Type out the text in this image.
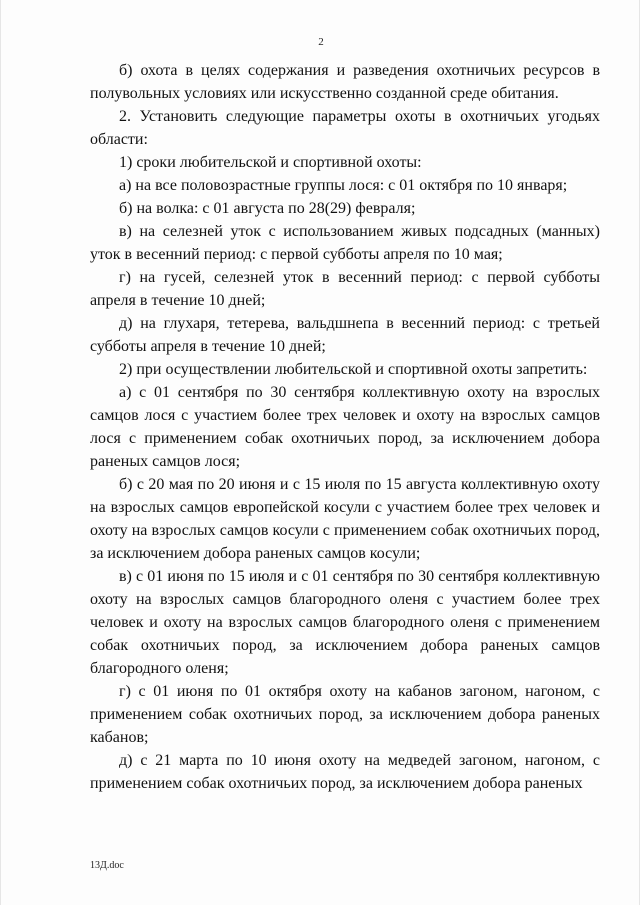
2

б) охота в целях содержания и разведения охотничьих ресурсов в полувольных условиях или искусственно созданной среде обитания.

2. Установить следующие параметры охоты в охотничьих угодьях области:

1) сроки любительской и спортивной охоты:

а) на все половозрастные группы лося: с 01 октября по 10 января;

б) на волка: с 01 августа по 28(29) февраля;

в) на селезней уток с использованием живых подсадных (манных) уток в весенний период: с первой субботы апреля по 10 мая;

г) на гусей, селезней уток в весенний период: с первой субботы апреля в течение 10 дней;

д) на глухаря, тетерева, вальдшнепа в весенний период: с третьей субботы апреля в течение 10 дней;

2) при осуществлении любительской и спортивной охоты запретить:

а) с 01 сентября по 30 сентября коллективную охоту на взрослых самцов лося с участием более трех человек и охоту на взрослых самцов лося с применением собак охотничьих пород, за исключением добора раненых самцов лося;

б) с 20 мая по 20 июня и с 15 июля по 15 августа коллективную охоту на взрослых самцов европейской косули с участием более трех человек и охоту на взрослых самцов косули с применением собак охотничьих пород, за исключением добора раненых самцов косули;

в) с 01 июня по 15 июля и с 01 сентября по 30 сентября коллективную охоту на взрослых самцов благородного оленя с участием более трех человек и охоту на взрослых самцов благородного оленя с применением собак охотничьих пород, за исключением добора раненых самцов благородного оленя;

г) с 01 июня по 01 октября охоту на кабанов загоном, нагоном, с применением собак охотничьих пород, за исключением добора раненых кабанов;

д) с 21 марта по 10 июня охоту на медведей загоном, нагоном, с применением собак охотничьих пород, за исключением добора раненых

13Д.doc
